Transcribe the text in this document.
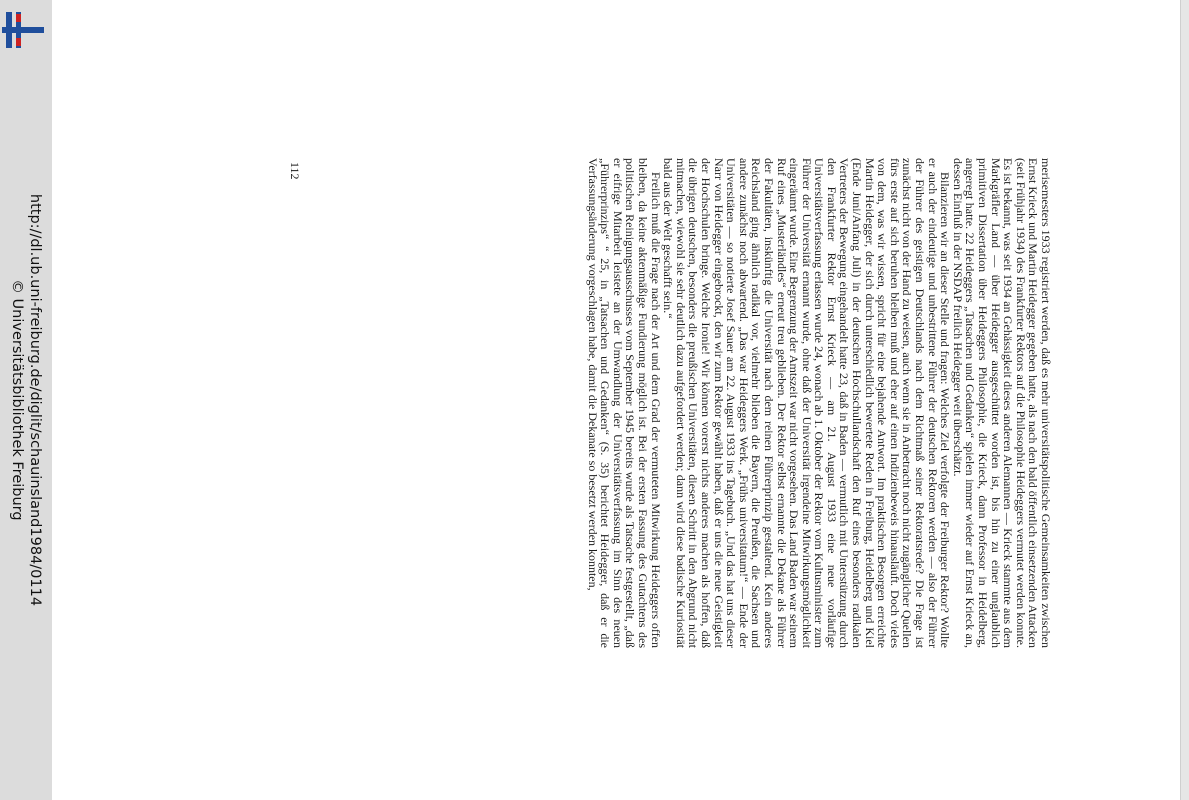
http://dl.ub.uni-freiburg.de/diglit/schauinsland1984/0114
© Universitätsbibliothek Freiburg
112	merisemesters 1933 registriert werden, daß es mehr universitätspolitische Gemeinsamkeiten zwischen Ernst Krieck und Martin Heidegger gegeben hatte, als nach den bald öffentlich einsetzenden Attacken (seit Frühjahr 1934) des Frankfurter Rektors auf die Philosophie Heideggers vermutet werden konnte. Es ist bekannt, was seit 1934 an Gehässigkeit dieses anderen Alemannen — Krieck stammte aus dem Markgräfler Land — über Heidegger ausgeschüttet worden ist, bis hin zu einer unglaublich primitiven Dissertation über Heideggers Philosophie, die Krieck, dann Professor in Heidelberg, angeregt hatte. 22 Heideggers „Tatsachen und Gedanken“ spielen immer wieder auf Ernst Krieck an, dessen Einfluß in der NSDAP freilich Heidegger weit überschätzt.

Bilanzieren wir an dieser Stelle und fragen: Welches Ziel verfolgte der Freiburger Rektor? Wollte er auch der eindeutige und unbestrittene Führer der deutschen Rektoren werden — also der Führer der Führer des geistigen Deutschlands nach dem Richtmaß seiner Rektoratsrede? Die Frage ist zunächst nicht von der Hand zu weisen, auch wenn sie in Anbetracht noch nicht zugänglicher Quellen fürs erste auf sich beruhen bleiben muß und eher auf einen Indizienbeweis hinausläuft. Doch vieles von dem, was wir wissen, spricht für eine bejahende Antwort. Im praktischen Besorgen erreichte Martin Heidegger, der sich durch unterschiedlich bewertete Reden in Freiburg, Heidelberg und Kiel (Ende Juni/Anfang Juli) in der deutschen Hochschullandschaft den Ruf eines besonders radikalen Vertreters der Bewegung eingehandelt hatte 23, daß in Baden — vermutlich mit Unterstützung durch den Frankfurter Rektor Ernst Krieck — am 21. August 1933 eine neue vorläufige Universitätsverfassung erlassen wurde 24, wonach ab 1. Oktober der Rektor vom Kultusminister zum Führer der Universität ernannt wurde, ohne daß der Universität irgendeine Mitwirkungsmöglichkeit eingeräumt wurde. Eine Begrenzung der Amtszeit war nicht vorgesehen. Das Land Baden war seinem Ruf eines „Musterländles“ erneut treu geblieben. Der Rektor selbst ernannte die Dekane als Führer der Fakultäten, inskünftig die Universität nach dem reinen Führerprinzip gestaltend. Kein anderes Reichsland ging ähnlich radikal vor, vielmehr blieben die Bayern, die Preußen, die Sachsen und andere zunächst noch abwartend. „Das war Heideggers Werk. „Frühs universitatum!“ — Ende der Universitäten — so notierte Josef Sauer am 22. August 1933 ins Tagebuch. „Und das hat uns dieser Narr von Heidegger eingebrockt, den wir zum Rektor gewählt haben, daß er uns die neue Geistigkeit der Hochschulen bringe. Welche Ironie! Wir können vorerst nichts anderes machen als hoffen, daß die übrigen deutschen, besonders die preußischen Universitäten, diesen Schritt in den Abgrund nicht mitmachen, wiewohl sie sehr deutlich dazu aufgefordert werden; dann wird diese badische Kuriosität bald aus der Welt geschafft sein.“

Freilich muß die Frage nach der Art und dem Grad der vermuteten Mitwirkung Heideggers offen bleiben, da keine aktenmäßige Fundierung möglich ist. Bei der ersten Fassung des Gutachtens des politischen Reinigungsausschusses vom September 1945 bereits wurde als Tatsache festgestellt, „daß er eifrige Mitarbeit leistete an der Umwandlung der Universitätsverfassung im Sinn des neuen „Führerprinzips“ “ 25, in „Tatsachen und Gedanken“ (S. 35) berichtet Heidegger, daß er die Verfassungsänderung vorgeschlagen habe, damit die Dekanate so besetzt werden konnten,
